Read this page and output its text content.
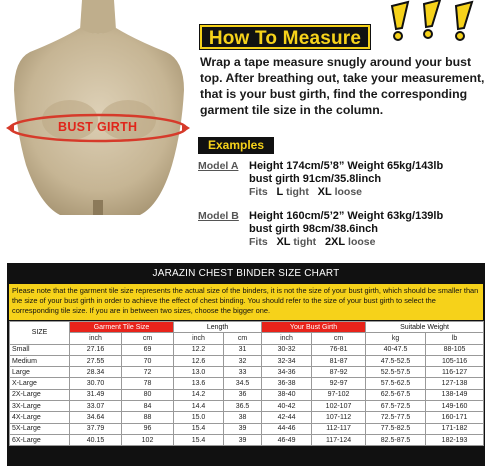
BUST GIRTH
How To Measure
Wrap a tape measure snugly around your bust top. After breathing out, take your measurement, that is your bust girth, find the corresponding garment tile size in the column.
Examples
Model A Height 174cm/5’8” Weight 65kg/143lb
bust girth 91cm/35.8linch
Fits L tight XL loose
Model B Height 160cm/5’2” Weight 63kg/139lb
bust girth 98cm/38.6inch
Fits XL tight 2XL loose
JARAZIN CHEST BINDER SIZE CHART
Please note that the garment tile size represents the actual size of the binders, it is not the size of your bust girth, which should be smaller than the size of your bust girth in order to achieve the effect of chest binding. You should refer to the size of your bust girth to select the corresponding tile size. If you are in between two sizes, choose the bigger one.
SIZE	Garment Tile Size		Length		Your Bust Girth		Suitable Weight	
	inch	cm	inch	cm	inch	cm	kg	lb
Small	27.16	69	12.2	31	30-32	76-81	40-47.5	88-105
Medium	27.55	70	12.6	32	32-34	81-87	47.5-52.5	105-116
Large	28.34	72	13.0	33	34-36	87-92	52.5-57.5	116-127
X-Large	30.70	78	13.6	34.5	36-38	92-97	57.5-62.5	127-138
2X-Large	31.49	80	14.2	36	38-40	97-102	62.5-67.5	138-149
3X-Large	33.07	84	14.4	36.5	40-42	102-107	67.5-72.5	149-160
4X-Large	34.64	88	15.0	38	42-44	107-112	72.5-77.5	160-171
5X-Large	37.79	96	15.4	39	44-46	112-117	77.5-82.5	171-182
6X-Large	40.15	102	15.4	39	46-49	117-124	82.5-87.5	182-193
